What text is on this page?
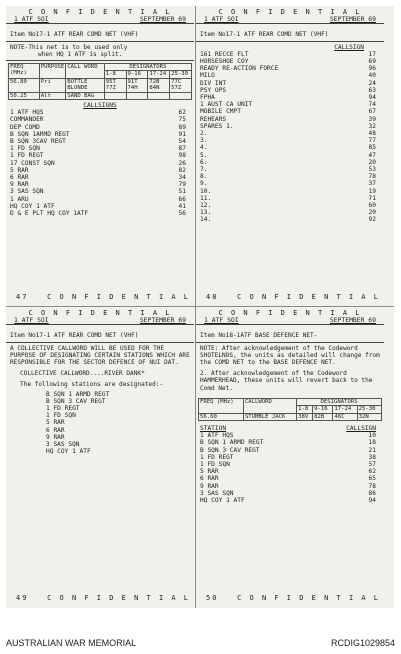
C O N F I D E N T I A L
1 ATF SOI	SEPTEMBER 69
Item No17-1 ATF REAR COMD NET (VHF)
NOTE-This net is to be used only
when HQ 1 ATF is split.
FREQ (MHz)	PURPOSE	CALL WORD	DESIGNATORS			
			1-8	9-16	17-24	25-30
56.80	Pri	BOTTLE BLONDE	95T 77Z	91T 74H	72B 84N	77C 57Z
50.25	Alt	SAND BAG				
CALLSIGNS
1 ATF HQS	62
COMMANDER	75
DEP COMD	89
B SQN 1ARMD REGT	91
B SQN 3CAV REGT	54
1 FD SQN	87
1 FD REGT	98
17 CONST SQN	26
5 RAR	82
6 RAR	34
9 RAR	79
3 SAS SQN	51
1 ARU	66
HQ COY 1 ATF	41
D & E PLT HQ COY 1ATF	56
47	C O N F I D E N T I A L
C O N F I D E N T I A L
1 ATF SOI	SEPTEMBER 69
Item No17-1 ATF REAR COMD NET (VHF)
CALLSIGN
161 RECCE FLT	17
HORSESHOE COY	69
READY RE-ACTION FORCE	96
MILO	40
DIV INT	24
PSY OPS	63
FPHA	94
1 AUST CA UNIT	74
MOBILE CMPT	67
REHEARS	39
SPARES 1.	32
2.	48
3.	77
4.	85
5.	47
6.	20
7.	53
8.	78
9.	37
10.	19
11.	71
12.	60
13.	20
14.	92
48	C O N F I D E N T I A L
C O N F I D E N T I A L
1 ATF SOI	SEPTEMBER 69
Item No17-1 ATF REAR COMD NET (VHF)
A COLLECTIVE CALLWORD WILL BE USED FOR THE PURPOSE OF DESIGNATING CERTAIN STATIONS WHICH ARE RESPONSIBLE FOR THE SECTOR DEFENCE OF NUI DAT.
COLLECTIVE CALLWORD....RIVER DANK*
The following stations are designated:-
B SQN 1 ARMD REGT
B SQN 3 CAV REGT
1 FD REGT
1 FD SQN
5 RAR
6 RAR
9 RAR
3 SAS SQN
HQ COY 1 ATF
49	C O N F I D E N T I A L
C O N F I D E N T I A L
1 ATF SOI	SEPTEMBER 69
Item No18-1ATF BASE DEFENCE NET-
NOTE: After acknowledgement of the Codeword SHOTELNOS, the units as detailed will change from the COMD NET to the BASE DEFENCE NET.
2. After acknowledgement of the Codeword HAMMERHEAD, these units will revert back to the Comd Net.
FREQ (MHz)	CALLWORD	DESIGNATORS			
		1-8	9-16	17-24	25-30
56.60	STUMBLE JACK	38V	82B	46C	32N
STATION	CALLSIGN
1 ATF HQS	10
B SQN 1 ARMD REGT	18
B SQN 3 CAV REGT	21
1 FD REGT	38
1 FD SQN	57
5 RAR	62
6 RAR	65
9 RAR	78
3 SAS SQN	86
HQ COY 1 ATF	94
50	C O N F I D E N T I A L
AUSTRALIAN WAR MEMORIAL	RCDIG1029854
